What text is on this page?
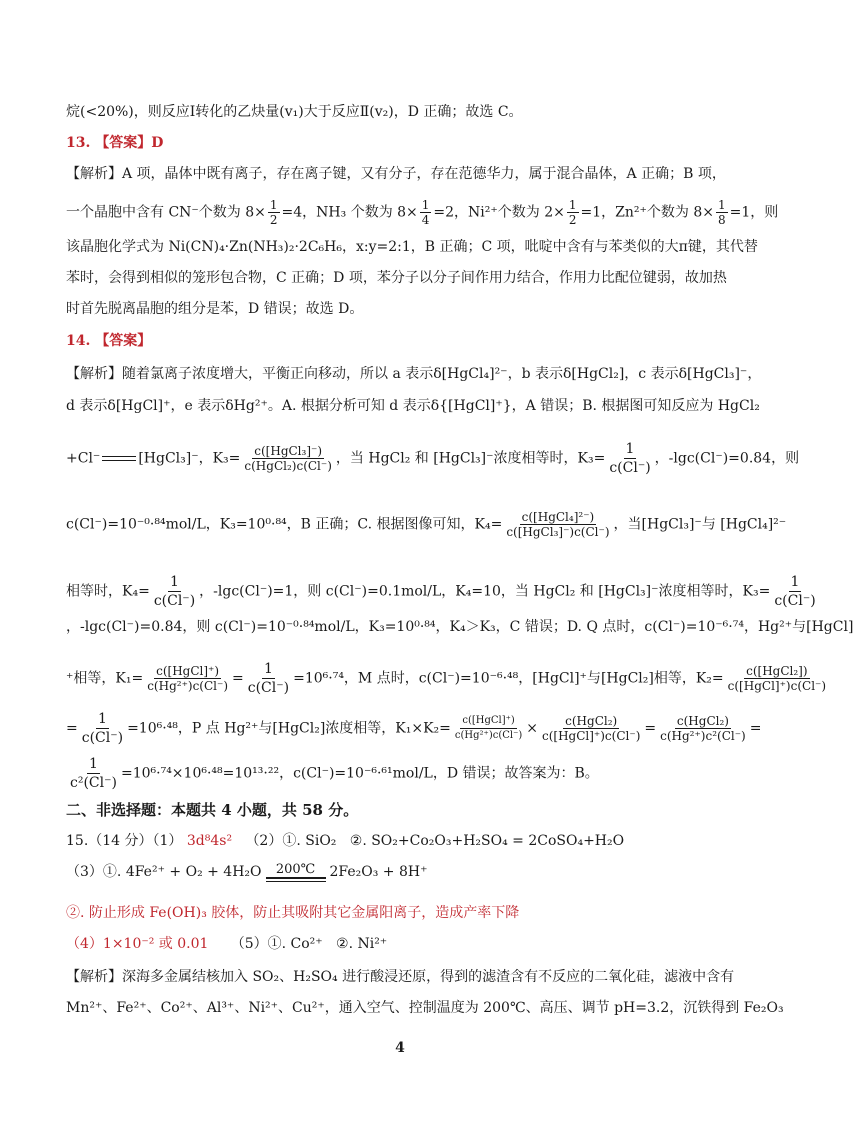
烷(<20%)，则反应Ⅰ转化的乙炔量(v₁)大于反应Ⅱ(v₂)，D 正确；故选 C。
13. 【答案】D
【解析】A 项，晶体中既有离子，存在离子键，又有分子，存在范德华力，属于混合晶体，A 正确；B 项，
一个晶胞中含有 CN⁻个数为 $8\times \frac{1}{2} =4$，NH₃ 个数为 $8\times \frac{1}{4} =2$，Ni²⁺个数为 $2\times \frac{1}{2} =1$，Zn²⁺个数为 $8\times \frac{1}{8} =1$，则
该晶胞化学式为 Ni(CN)₄·Zn(NH₃)₂·2C₆H₆，x:y=2:1，B 正确；C 项，吡啶中含有与苯类似的大π键，其代替
苯时，会得到相似的笼形包合物，C 正确；D 项，苯分子以分子间作用力结合，作用力比配位键弱，故加热
时首先脱离晶胞的组分是苯，D 错误；故选 D。
14. 【答案】
【解析】随着氯离子浓度增大，平衡正向移动，所以 a 表示δ[HgCl₄]²⁻，b 表示δ[HgCl₂]，c 表示δ[HgCl₃]⁻，
d 表示δ[HgCl]⁺，e 表示δHg²⁺。A. 根据分析可知 d 表示δ{[HgCl]⁺}，A 错误；B. 根据图可知反应为 HgCl₂
+Cl⁻	[HgCl₃]⁻，$K_3= \frac{\text{c([HgCl₃]⁻)}}{\text{c(HgCl₂)c(Cl⁻)}}$ ，当 HgCl₂ 和 [HgCl₃]⁻浓度相等时，$K_3= \frac{1}{c(Cl^-)}$ ，-lgc(Cl⁻)=0.84，则
c(Cl⁻)=10⁻⁰·⁸⁴mol/L，K₃=10⁰·⁸⁴，B 正确；C. 根据图像可知，$K_4= \frac{\text{c([HgCl₄]²⁻)}}{\text{c([HgCl₃]⁻)c(Cl⁻)}}$ ，当[HgCl₃]⁻与 [HgCl₄]²⁻
相等时，$K_4= \frac{1}{c(Cl^-)}$ ，-lgc(Cl⁻)=1，则 c(Cl⁻)=0.1mol/L，K₄=10，当 HgCl₂ 和 [HgCl₃]⁻浓度相等时，$K_3= \frac{1}{c(Cl^-)}$
，-lgc(Cl⁻)=0.84，则 c(Cl⁻)=10⁻⁰·⁸⁴mol/L，K₃=10⁰·⁸⁴，K₄＞K₃，C 错误；D. Q 点时，c(Cl⁻)=10⁻⁶·⁷⁴，Hg²⁺与[HgCl]
⁺相等，$K_1= \frac{\text{c([HgCl]⁺)}}{\text{c(Hg²⁺)c(Cl⁻)}} = \frac{1}{c(Cl^-)} =10^6\cdot^{74}$，M 点时，c(Cl⁻)=10⁻⁶·⁴⁸，[HgCl]⁺与[HgCl₂]相等，$K_2= \frac{\text{c([HgCl₂])}}{\text{c([HgCl]⁺)c(Cl⁻)}}$
= $\frac{1}{c(Cl^-)} =10^6\cdot^{48}$，P 点 Hg²⁺与[HgCl₂]浓度相等，$K_1\times K_2= \frac{\text{c([HgCl]⁺)}}{\text{c(Hg²⁺)c(Cl⁻)}} \times \frac{\text{c(HgCl₂)}}{\text{c([HgCl]⁺)c(Cl⁻)}} = \frac{\text{c(HgCl₂)}}{\text{c(Hg²⁺)c²(Cl⁻)}}$ =
$\frac{1}{\text{c²(Cl⁻)}} =10^6\cdot^{74}\times 10^6\cdot^{48}=10^{13}\cdot^{22}$，c(Cl⁻)=10⁻⁶·⁶¹mol/L，D 错误；故答案为：B。
二、非选择题：本题共 4 小题，共 58 分。
15.（14 分）（1） 3d⁸4s² （2）①. SiO₂ ②. SO₂+Co₂O₃+H₂SO₄ = 2CoSO₄+H₂O
（3）①. 4Fe²⁺ + O₂ + 4H₂O 200℃ 2Fe₂O₃ + 8H⁺
②. 防止形成 Fe(OH)₃ 胶体，防止其吸附其它金属阳离子，造成产率下降
（4）1×10⁻² 或 0.01 （5）①. Co²⁺ ②. Ni²⁺
【解析】深海多金属结核加入 SO₂、H₂SO₄ 进行酸浸还原，得到的滤渣含有不反应的二氧化硅，滤液中含有
Mn²⁺、Fe²⁺、Co²⁺、Al³⁺、Ni²⁺、Cu²⁺，通入空气、控制温度为 200℃、高压、调节 pH=3.2，沉铁得到 Fe₂O₃
4
